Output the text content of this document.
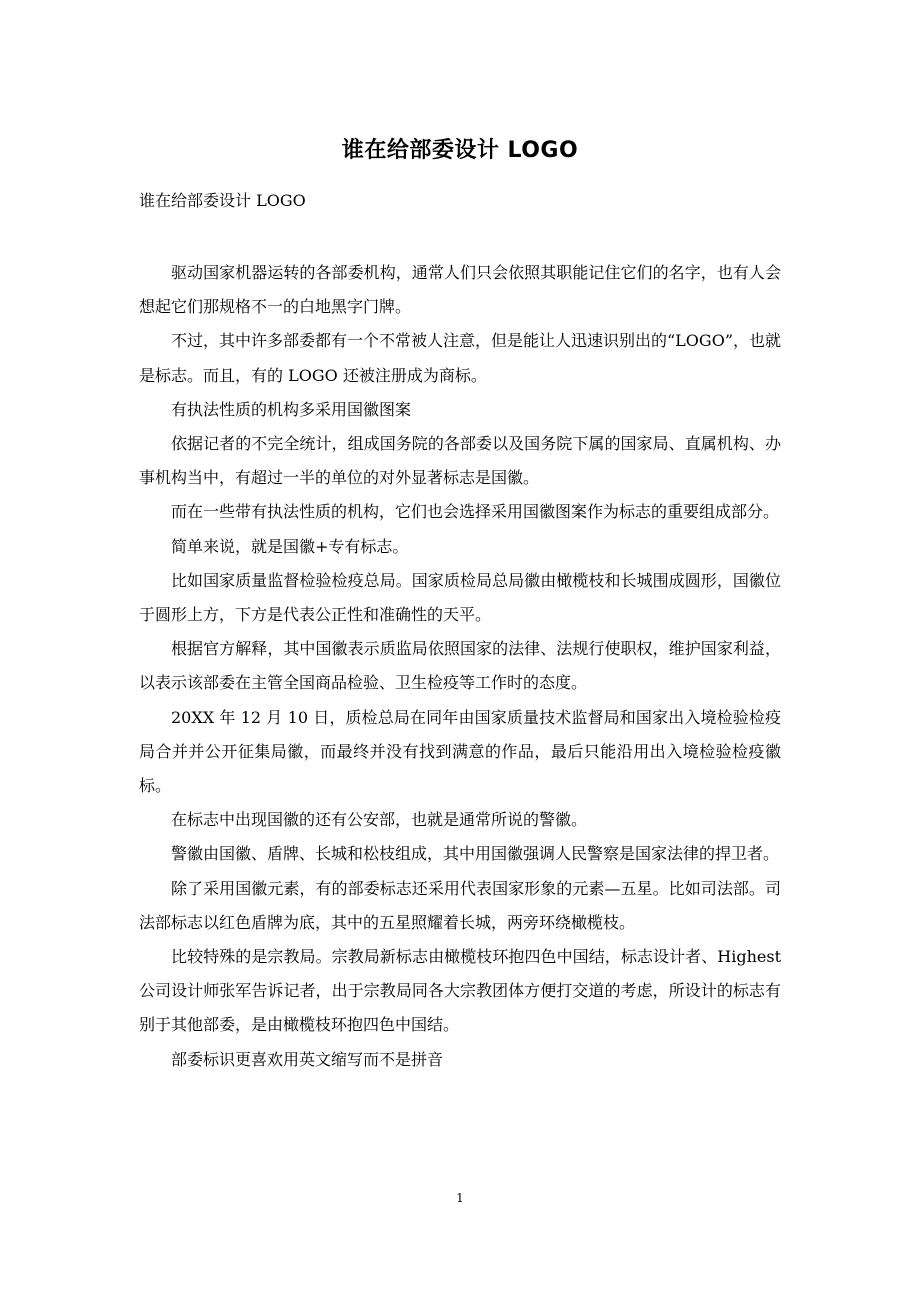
谁在给部委设计 LOGO
谁在给部委设计 LOGO

驱动国家机器运转的各部委机构，通常人们只会依照其职能记住它们的名字，也有人会想起它们那规格不一的白地黑字门牌。

不过，其中许多部委都有一个不常被人注意，但是能让人迅速识别出的“LOGO”，也就是标志。而且，有的 LOGO 还被注册成为商标。

有执法性质的机构多采用国徽图案

依据记者的不完全统计，组成国务院的各部委以及国务院下属的国家局、直属机构、办事机构当中，有超过一半的单位的对外显著标志是国徽。

而在一些带有执法性质的机构，它们也会选择采用国徽图案作为标志的重要组成部分。

简单来说，就是国徽+专有标志。

比如国家质量监督检验检疫总局。国家质检局总局徽由橄榄枝和长城围成圆形，国徽位于圆形上方，下方是代表公正性和准确性的天平。

根据官方解释，其中国徽表示质监局依照国家的法律、法规行使职权，维护国家利益，以表示该部委在主管全国商品检验、卫生检疫等工作时的态度。

20XX 年 12 月 10 日，质检总局在同年由国家质量技术监督局和国家出入境检验检疫局合并并公开征集局徽，而最终并没有找到满意的作品，最后只能沿用出入境检验检疫徽标。

在标志中出现国徽的还有公安部，也就是通常所说的警徽。

警徽由国徽、盾牌、长城和松枝组成，其中用国徽强调人民警察是国家法律的捍卫者。

除了采用国徽元素，有的部委标志还采用代表国家形象的元素—五星。比如司法部。司法部标志以红色盾牌为底，其中的五星照耀着长城，两旁环绕橄榄枝。

比较特殊的是宗教局。宗教局新标志由橄榄枝环抱四色中国结，标志设计者、Highest 公司设计师张军告诉记者，出于宗教局同各大宗教团体方便打交道的考虑，所设计的标志有别于其他部委，是由橄榄枝环抱四色中国结。

部委标识更喜欢用英文缩写而不是拼音

1
